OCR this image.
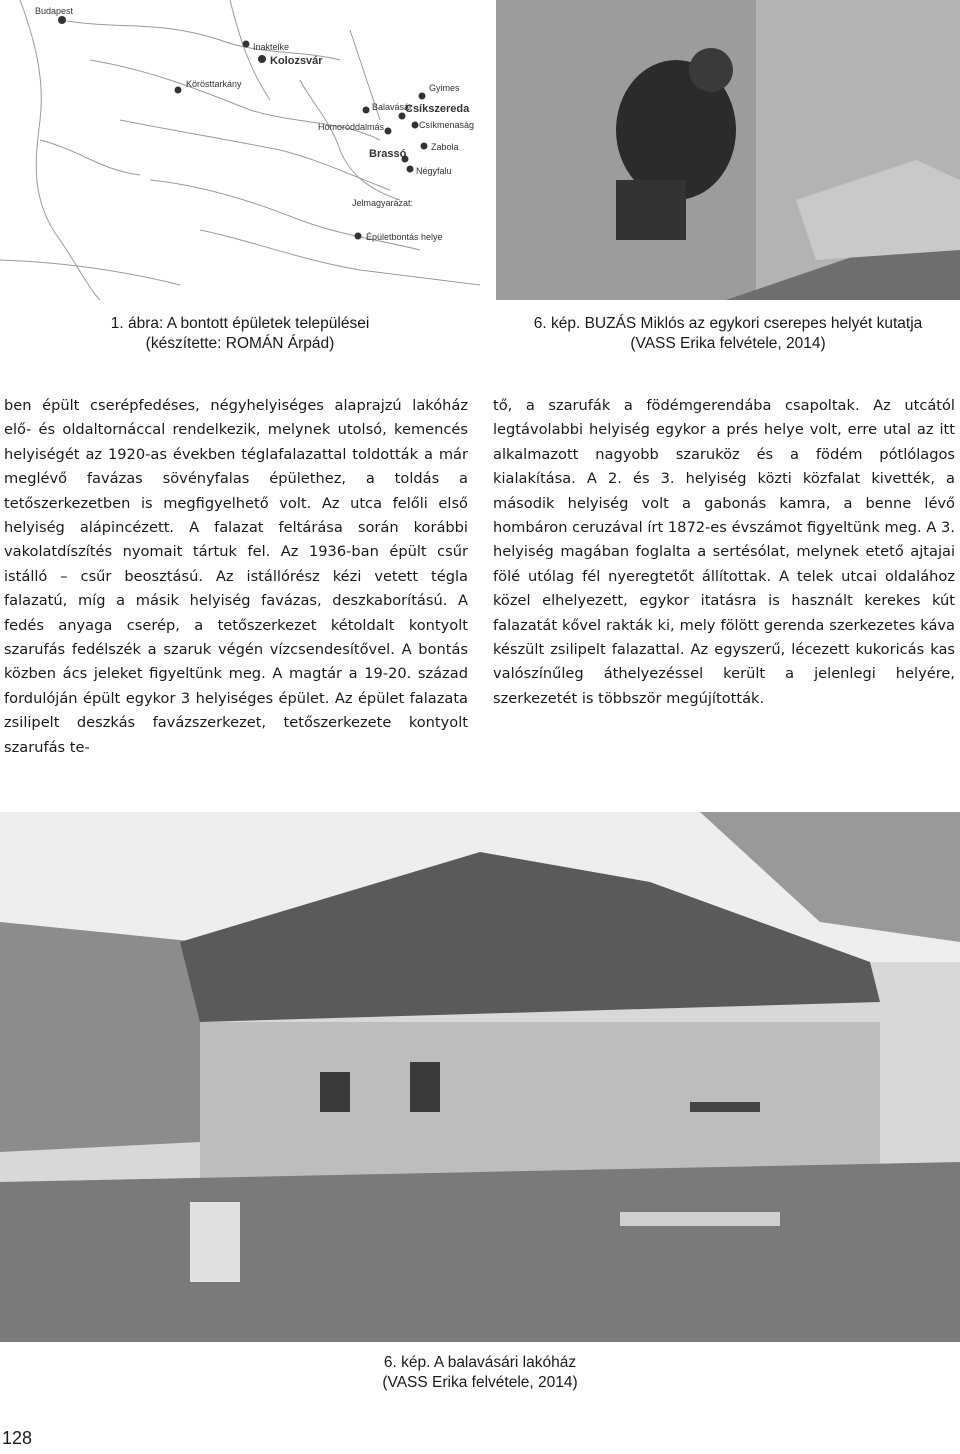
Budapest
Inaktelke
Kolozsvár
Körösttarkány	Gyimes
Balavásár
Csíkszereda
Csíkmenaság
Homoróddalmás
Zabola
Brassó
Négyfalu
Jelmagyarázat:
Épületbontás helye
1. ábra: A bontott épületek települései
(készítette: ROMÁN Árpád)
6. kép. BUZÁS Miklós az egykori cserepes helyét kutatja
(VASS Erika felvétele, 2014)

ben épült cserépfedéses, négyhelyiséges alaprajzú lakóház elő- és oldaltornáccal rendelkezik, melynek utolsó, kemencés helyiségét az 1920-as években téglafalazattal toldották a már meglévő favázas sövényfalas épülethez, a toldás a tetőszerkezetben is megfigyelhető volt. Az utca felőli első helyiség alápincézett. A falazat feltárása során korábbi vakolatdíszítés nyomait tártuk fel. Az 1936-ban épült csűr istálló – csűr beosztású. Az istállórész kézi vetett tégla falazatú, míg a másik helyiség favázas, deszkaborítású. A fedés anyaga cserép, a tetőszerkezet kétoldalt kontyolt szarufás fedélszék a szaruk végén vízcsendesítővel. A bontás közben ács jeleket figyeltünk meg. A magtár a 19-20. század fordulóján épült egykor 3 helyiséges épület. Az épület falazata zsilipelt deszkás favázszerkezet, tetőszerkezete kontyolt szarufás te-

tő, a szarufák a födémgerendába csapoltak. Az utcától legtávolabbi helyiség egykor a prés helye volt, erre utal az itt alkalmazott nagyobb szaruköz és a födém pótlólagos kialakítása. A 2. és 3. helyiség közti közfalat kivették, a második helyiség volt a gabonás kamra, a benne lévő hombáron ceruzával írt 1872-es évszámot figyeltünk meg. A 3. helyiség magában foglalta a sertésólat, melynek etető ajtajai fölé utólag fél nyeregtetőt állítottak. A telek utcai oldalához közel elhelyezett, egykor itatásra is használt kerekes kút falazatát kővel rakták ki, mely fölött gerenda szerkezetes káva készült zsilipelt falazattal. Az egyszerű, lécezett kukoricás kas valószínűleg áthelyezéssel került a jelenlegi helyére, szerkezetét is többször megújították.

6. kép. A balavásári lakóház
(VASS Erika felvétele, 2014)
128
